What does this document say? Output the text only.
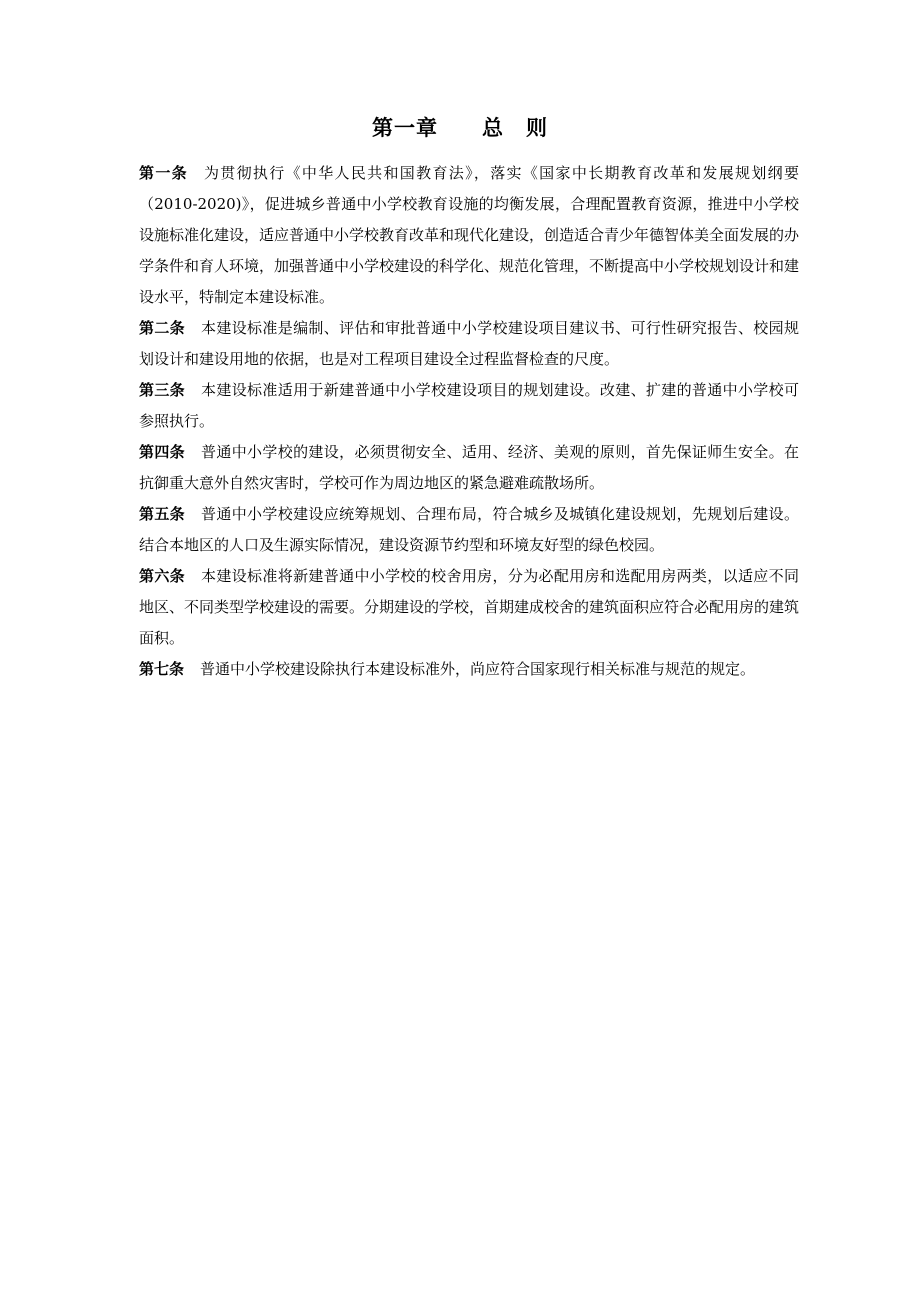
第一章　　总　则

第一条 为贯彻执行《中华人民共和国教育法》，落实《国家中长期教育改革和发展规划纲要（2010-2020)》，促进城乡普通中小学校教育设施的均衡发展，合理配置教育资源，推进中小学校设施标准化建设，适应普通中小学校教育改革和现代化建设，创造适合青少年德智体美全面发展的办学条件和育人环境，加强普通中小学校建设的科学化、规范化管理，不断提高中小学校规划设计和建设水平，特制定本建设标准。

第二条 本建设标准是编制、评估和审批普通中小学校建设项目建议书、可行性研究报告、校园规划设计和建设用地的依据，也是对工程项目建设全过程监督检查的尺度。

第三条 本建设标准适用于新建普通中小学校建设项目的规划建设。改建、扩建的普通中小学校可参照执行。

第四条 普通中小学校的建设，必须贯彻安全、适用、经济、美观的原则，首先保证师生安全。在抗御重大意外自然灾害时，学校可作为周边地区的紧急避难疏散场所。

第五条 普通中小学校建设应统筹规划、合理布局，符合城乡及城镇化建设规划，先规划后建设。结合本地区的人口及生源实际情况，建设资源节约型和环境友好型的绿色校园。

第六条 本建设标准将新建普通中小学校的校舍用房，分为必配用房和选配用房两类，以适应不同地区、不同类型学校建设的需要。分期建设的学校，首期建成校舍的建筑面积应符合必配用房的建筑面积。

第七条 普通中小学校建设除执行本建设标准外，尚应符合国家现行相关标准与规范的规定。
